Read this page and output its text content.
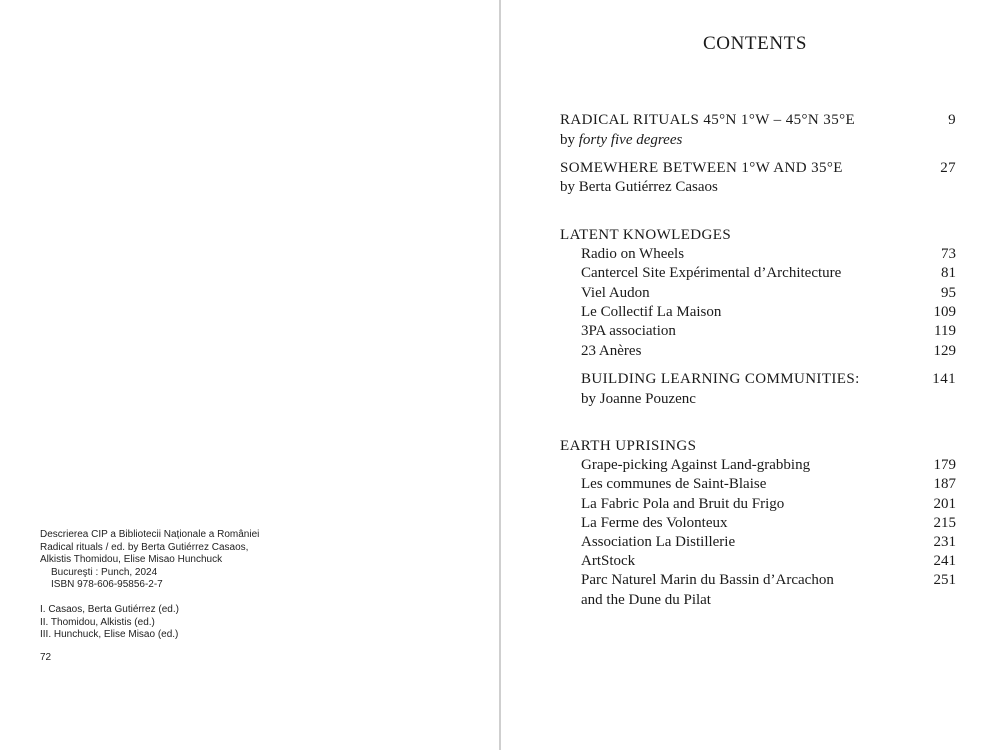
Descrierea CIP a Bibliotecii Naționale a României
Radical rituals / ed. by Berta Gutiérrez Casaos,
Alkistis Thomidou, Elise Misao Hunchuck
Bucureşti : Punch, 2024
ISBN 978-606-95856-2-7
I. Casaos, Berta Gutiérrez (ed.)
II. Thomidou, Alkistis (ed.)
III. Hunchuck, Elise Misao (ed.)
72
CONTENTS
RADICAL RITUALS 45°N 1°W – 45°N 35°E	9
by forty five degrees
SOMEWHERE BETWEEN 1°W AND 35°E	27
by Berta Gutiérrez Casaos
LATENT KNOWLEDGES
Radio on Wheels	73
Cantercel Site Expérimental d’Architecture	81
Viel Audon	95
Le Collectif La Maison	109
3PA association	119
23 Anères	129
BUILDING LEARNING COMMUNITIES:	141
by Joanne Pouzenc
EARTH UPRISINGS
Grape-picking Against Land-grabbing	179
Les communes de Saint-Blaise	187
La Fabric Pola and Bruit du Frigo	201
La Ferme des Volonteux	215
Association La Distillerie	231
ArtStock	241
Parc Naturel Marin du Bassin d’Arcachon	251
and the Dune du Pilat
